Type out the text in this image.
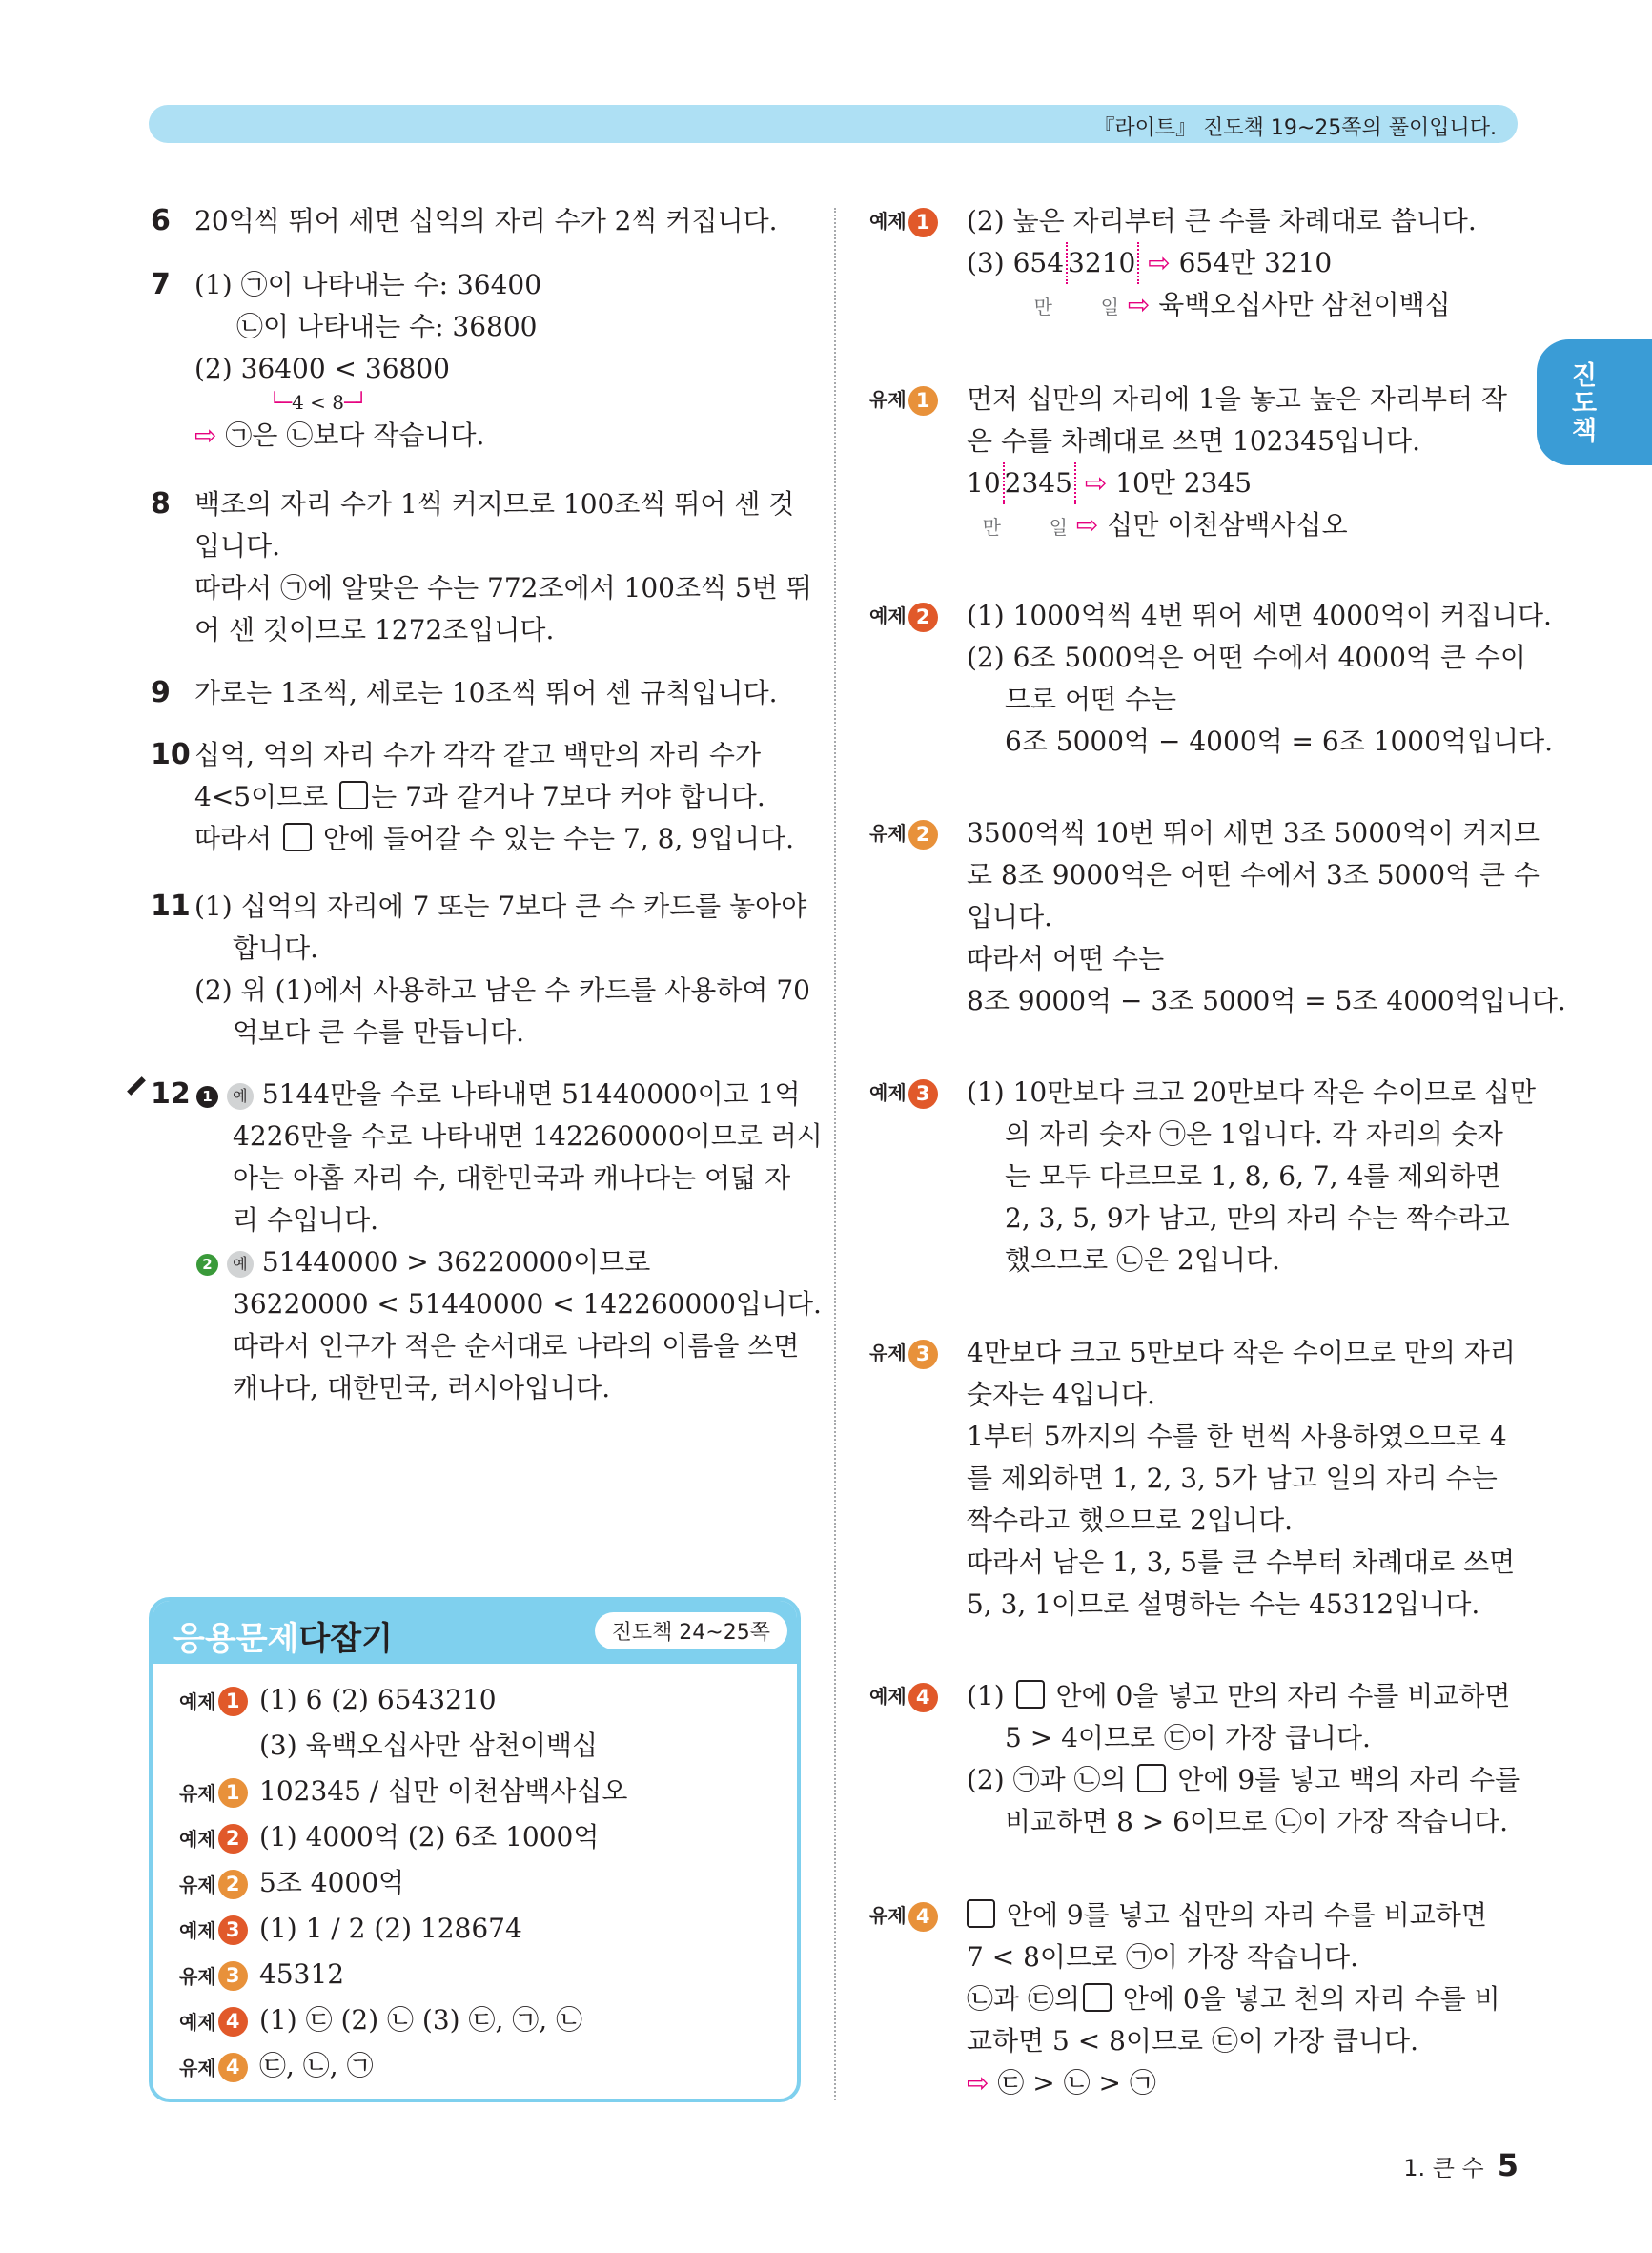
『라이트』 진도책 19~25쪽의 풀이입니다.
진도책
6 20억씩 뛰어 세면 십억의 자리 수가 2씩 커집니다.
7 (1) ㉠이 나타내는 수: 36400
㉡이 나타내는 수: 36800
(2) 36400 < 36800
└─4 < 8─┘
⇨ ㉠은 ㉡보다 작습니다.
8 백조의 자리 수가 1씩 커지므로 100조씩 뛰어 센 것
입니다.
따라서 ㉠에 알맞은 수는 772조에서 100조씩 5번 뛰
어 센 것이므로 1272조입니다.
9 가로는 1조씩, 세로는 10조씩 뛰어 센 규칙입니다.
10 십억, 억의 자리 수가 각각 같고 백만의 자리 수가
4<5이므로 는 7과 같거나 7보다 커야 합니다.
따라서 안에 들어갈 수 있는 수는 7, 8, 9입니다.
11 (1) 십억의 자리에 7 또는 7보다 큰 수 카드를 놓아야
합니다.
(2) 위 (1)에서 사용하고 남은 수 카드를 사용하여 70
억보다 큰 수를 만듭니다.
12 1 예 5144만을 수로 나타내면 51440000이고 1억
4226만을 수로 나타내면 142260000이므로 러시
아는 아홉 자리 수, 대한민국과 캐나다는 여덟 자
리 수입니다.
2 예 51440000 > 36220000이므로
36220000 < 51440000 < 142260000입니다.
따라서 인구가 적은 순서대로 나라의 이름을 쓰면
캐나다, 대한민국, 러시아입니다.
응용문제다잡기	진도책 24~25쪽
예제 1 (1) 6 (2) 6543210
(3) 육백오십사만 삼천이백십
유제 1 102345 / 십만 이천삼백사십오
예제 2 (1) 4000억 (2) 6조 1000억
유제 2 5조 4000억
예제 3 (1) 1 / 2 (2) 128674
유제 3 45312
예제 4 (1) ㉢ (2) ㉡ (3) ㉢, ㉠, ㉡
유제 4 ㉢, ㉡, ㉠
예제 1 (2) 높은 자리부터 큰 수를 차례대로 씁니다.
(3) 654 3210 ⇨ 654만 3210
만	일 ⇨ 육백오십사만 삼천이백십
유제 1 먼저 십만의 자리에 1을 놓고 높은 자리부터 작
은 수를 차례대로 쓰면 102345입니다.
10 2345 ⇨ 10만 2345
만	일 ⇨ 십만 이천삼백사십오
예제 2 (1) 1000억씩 4번 뛰어 세면 4000억이 커집니다.
(2) 6조 5000억은 어떤 수에서 4000억 큰 수이
므로 어떤 수는
6조 5000억 − 4000억 = 6조 1000억입니다.
유제 2 3500억씩 10번 뛰어 세면 3조 5000억이 커지므
로 8조 9000억은 어떤 수에서 3조 5000억 큰 수
입니다.
따라서 어떤 수는
8조 9000억 − 3조 5000억 = 5조 4000억입니다.
예제 3 (1) 10만보다 크고 20만보다 작은 수이므로 십만
의 자리 숫자 ㉠은 1입니다. 각 자리의 숫자
는 모두 다르므로 1, 8, 6, 7, 4를 제외하면
2, 3, 5, 9가 남고, 만의 자리 수는 짝수라고
했으므로 ㉡은 2입니다.
유제 3 4만보다 크고 5만보다 작은 수이므로 만의 자리
숫자는 4입니다.
1부터 5까지의 수를 한 번씩 사용하였으므로 4
를 제외하면 1, 2, 3, 5가 남고 일의 자리 수는
짝수라고 했으므로 2입니다.
따라서 남은 1, 3, 5를 큰 수부터 차례대로 쓰면
5, 3, 1이므로 설명하는 수는 45312입니다.
예제 4 (1) 안에 0을 넣고 만의 자리 수를 비교하면
5 > 4이므로 ㉢이 가장 큽니다.
(2) ㉠과 ㉡의 안에 9를 넣고 백의 자리 수를
비교하면 8 > 6이므로 ㉡이 가장 작습니다.
유제 4	안에 9를 넣고 십만의 자리 수를 비교하면
7 < 8이므로 ㉠이 가장 작습니다.
㉡과 ㉢의 안에 0을 넣고 천의 자리 수를 비
교하면 5 < 8이므로 ㉢이 가장 큽니다.
⇨ ㉢ > ㉡ > ㉠
1. 큰 수 5
